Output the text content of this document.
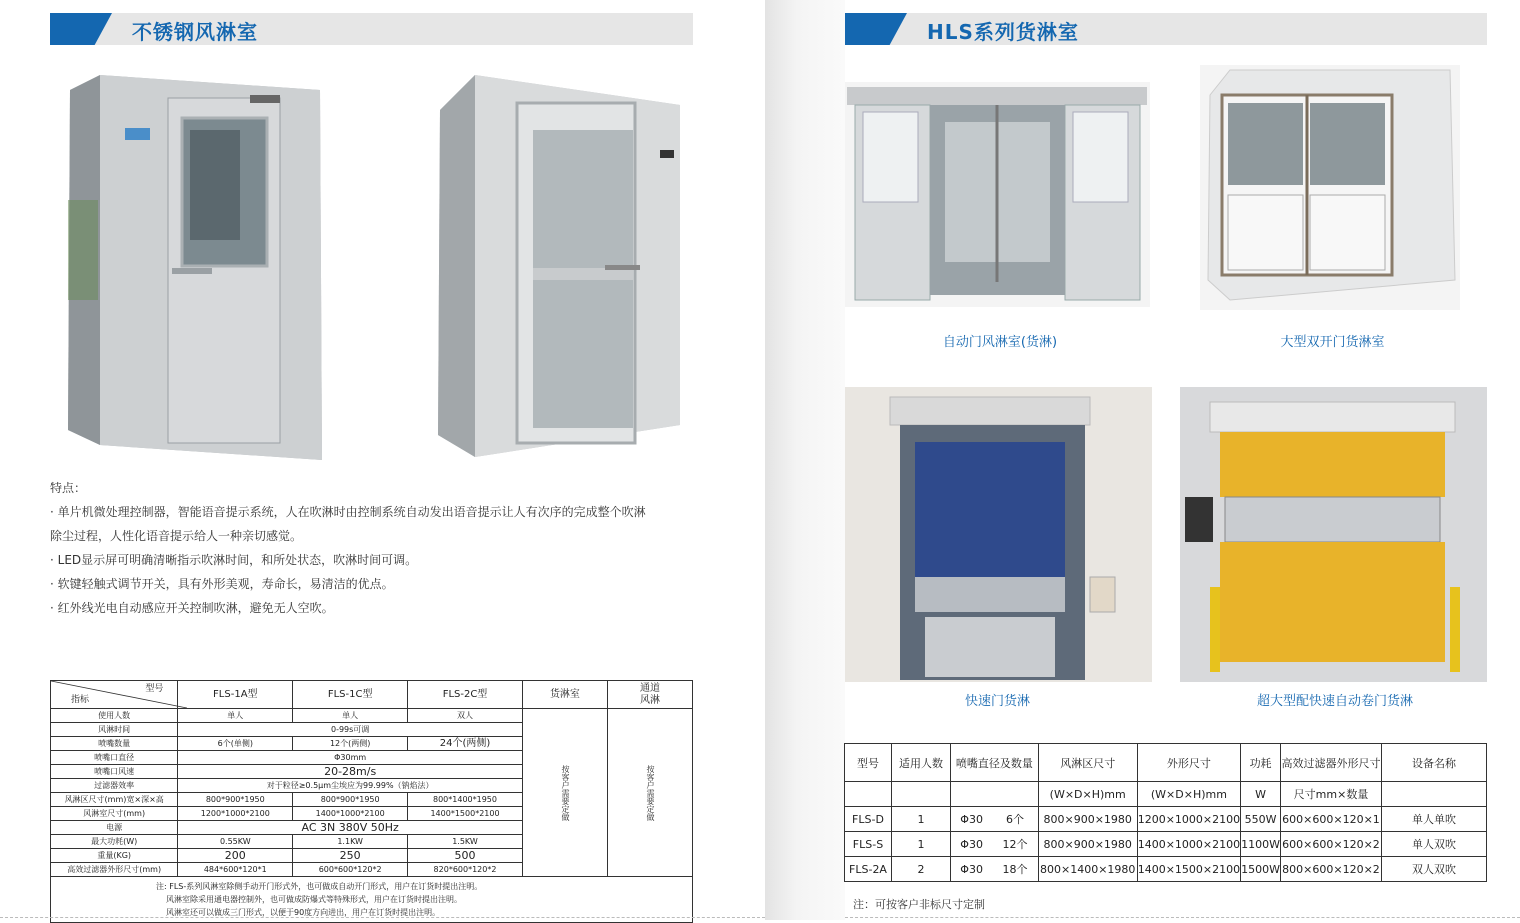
不锈钢风淋室
特点：
· 单片机微处理控制器，智能语音提示系统，人在吹淋时由控制系统自动发出语音提示让人有次序的完成整个吹淋
除尘过程，人性化语音提示给人一种亲切感觉。
· LED显示屏可明确清晰指示吹淋时间，和所处状态，吹淋时间可调。
· 软键轻触式调节开关，具有外形美观，寿命长，易清洁的优点。
· 红外线光电自动感应开关控制吹淋，避免无人空吹。
型号
指标	FLS-1A型	FLS-1C型	FLS-2C型	货淋室	通道
风淋
使用人数	单人	单人	双人	按客户需要定做	按客户需要定做
风淋时间	0-99s可调				
喷嘴数量	6个(单侧)	12个(两侧)	24个(两侧)		
喷嘴口直径	Φ30mm				
喷嘴口风速	20-28m/s				
过滤器效率	对于粒径≥0.5μm尘埃应为99.99%（钠焰法）				
风淋区尺寸(mm)宽×深×高	800*900*1950	800*900*1950	800*1400*1950		
风淋室尺寸(mm)	1200*1000*2100	1400*1000*2100	1400*1500*2100		
电源	AC 3N 380V 50Hz				
最大功耗(W)	0.55KW	1.1KW	1.5KW		
重量(KG)	200	250	500		
高效过滤器外形尺寸(mm)	484*600*120*1	600*600*120*2	820*600*120*2		

注: FLS-系列风淋室除侧手动开门形式外，也可做成自动开门形式，用户在订货时提出注明。
风淋室除采用通电器控制外，也可做成防爆式等特殊形式，用户在订货时提出注明。
风淋室还可以做成三门形式，以便于90度方向进出，用户在订货时提出注明。					
HLS系列货淋室
自动门风淋室(货淋)	大型双开门货淋室
快速门货淋	超大型配快速自动卷门货淋
注：可按客户非标尺寸定制
型号	适用人数	喷嘴直径及数量		风淋区尺寸	外形尺寸	功耗	高效过滤器外形尺寸	设备名称
				(W×D×H)mm	(W×D×H)mm	W	尺寸mm×数量	
FLS-D	1	Φ30	6个	800×900×1980	1200×1000×2100	550W	600×600×120×1	单人单吹
FLS-S	1	Φ30	12个	800×900×1980	1400×1000×2100	1100W	600×600×120×2	单人双吹
FLS-2A	2	Φ30	18个	800×1400×1980	1400×1500×2100	1500W	800×600×120×2	双人双吹
